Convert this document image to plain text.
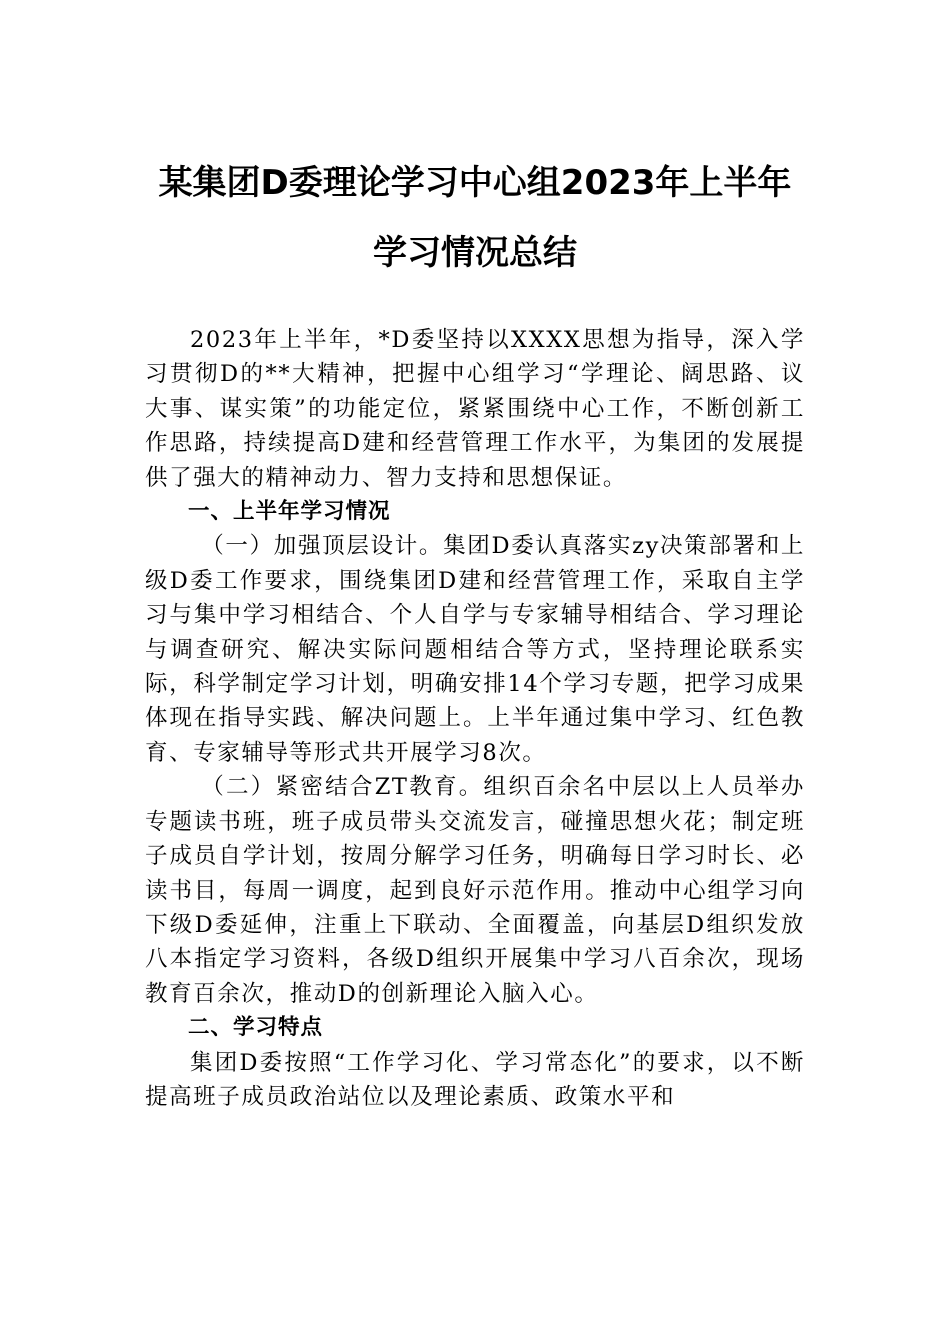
某集团D委理论学习中心组2023年上半年
学习情况总结

2023年上半年，*D委坚持以XXXX思想为指导，深入学习贯彻D的**大精神，把握中心组学习“学理论、阔思路、议大事、谋实策”的功能定位，紧紧围绕中心工作，不断创新工作思路，持续提高D建和经营管理工作水平，为集团的发展提供了强大的精神动力、智力支持和思想保证。

一、上半年学习情况

（一）加强顶层设计。集团D委认真落实zy决策部署和上级D委工作要求，围绕集团D建和经营管理工作，采取自主学习与集中学习相结合、个人自学与专家辅导相结合、学习理论与调查研究、解决实际问题相结合等方式，坚持理论联系实际，科学制定学习计划，明确安排14个学习专题，把学习成果体现在指导实践、解决问题上。上半年通过集中学习、红色教育、专家辅导等形式共开展学习8次。

（二）紧密结合ZT教育。组织百余名中层以上人员举办专题读书班，班子成员带头交流发言，碰撞思想火花；制定班子成员自学计划，按周分解学习任务，明确每日学习时长、必读书目，每周一调度，起到良好示范作用。推动中心组学习向下级D委延伸，注重上下联动、全面覆盖，向基层D组织发放八本指定学习资料，各级D组织开展集中学习八百余次，现场教育百余次，推动D的创新理论入脑入心。

二、学习特点

集团D委按照“工作学习化、学习常态化”的要求，以不断提高班子成员政治站位以及理论素质、政策水平和
